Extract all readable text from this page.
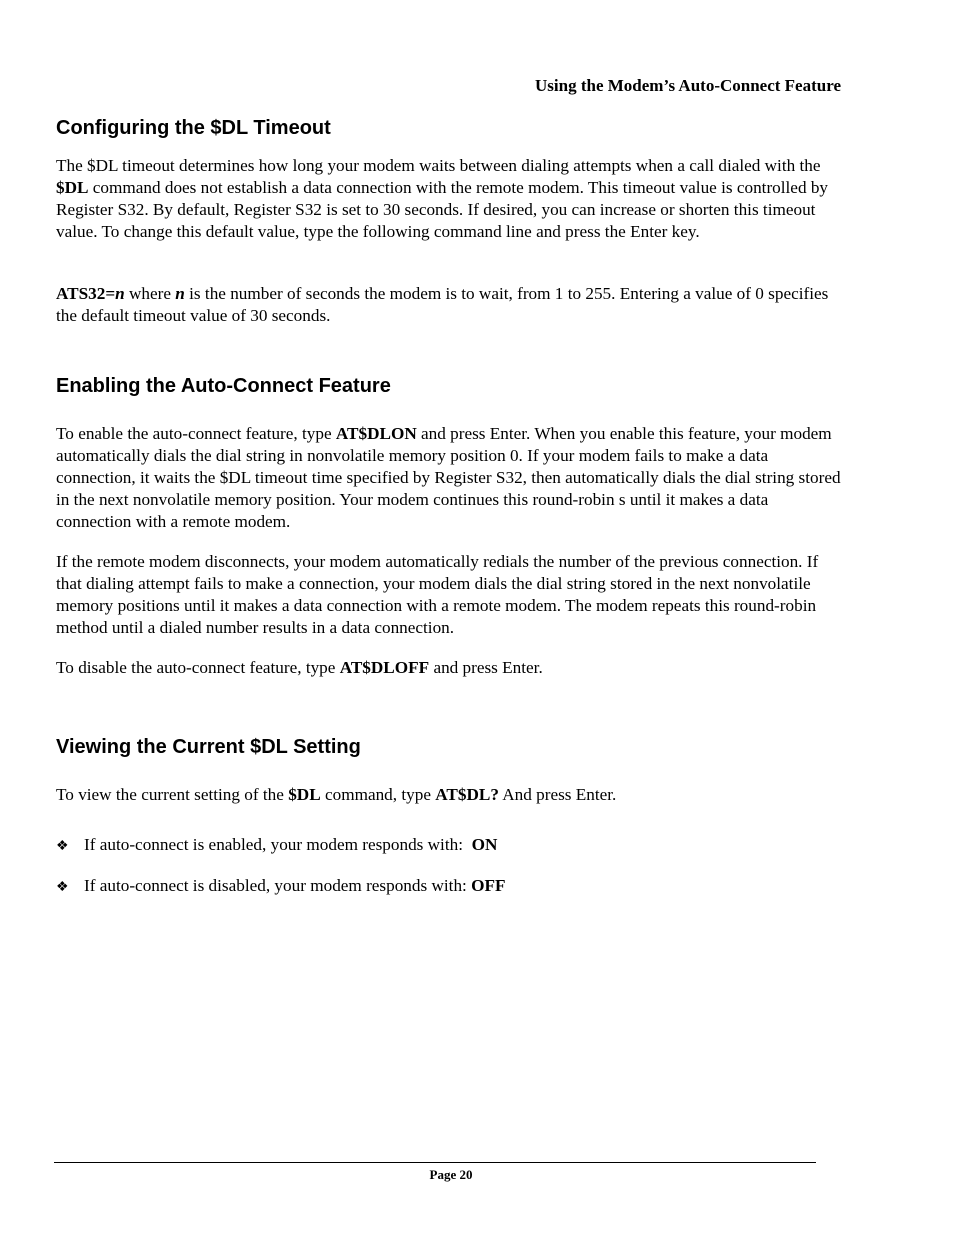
Using the Modem’s Auto-Connect Feature
Configuring the $DL Timeout

The $DL timeout determines how long your modem waits between dialing attempts when a call dialed with the $DL command does not establish a data connection with the remote modem. This timeout value is controlled by Register S32. By default, Register S32 is set to 30 seconds. If desired, you can increase or shorten this timeout value. To change this default value, type the following command line and press the Enter key.

ATS32=n where n is the number of seconds the modem is to wait, from 1 to 255. Entering a value of 0 specifies the default timeout value of 30 seconds.

Enabling the Auto-Connect Feature

To enable the auto-connect feature, type AT$DLON and press Enter. When you enable this feature, your modem automatically dials the dial string in nonvolatile memory position 0. If your modem fails to make a data connection, it waits the $DL timeout time specified by Register S32, then automatically dials the dial string stored in the next nonvolatile memory position. Your modem continues this round-robin s until it makes a data connection with a remote modem.

If the remote modem disconnects, your modem automatically redials the number of the previous connection. If that dialing attempt fails to make a connection, your modem dials the dial string stored in the next nonvolatile memory positions until it makes a data connection with a remote modem. The modem repeats this round-robin method until a dialed number results in a data connection.

To disable the auto-connect feature, type AT$DLOFF and press Enter.

Viewing the Current $DL Setting

To view the current setting of the $DL command, type AT$DL? And press Enter.

❖ If auto-connect is enabled, your modem responds with:  ON
❖ If auto-connect is disabled, your modem responds with: OFF
Page 20
